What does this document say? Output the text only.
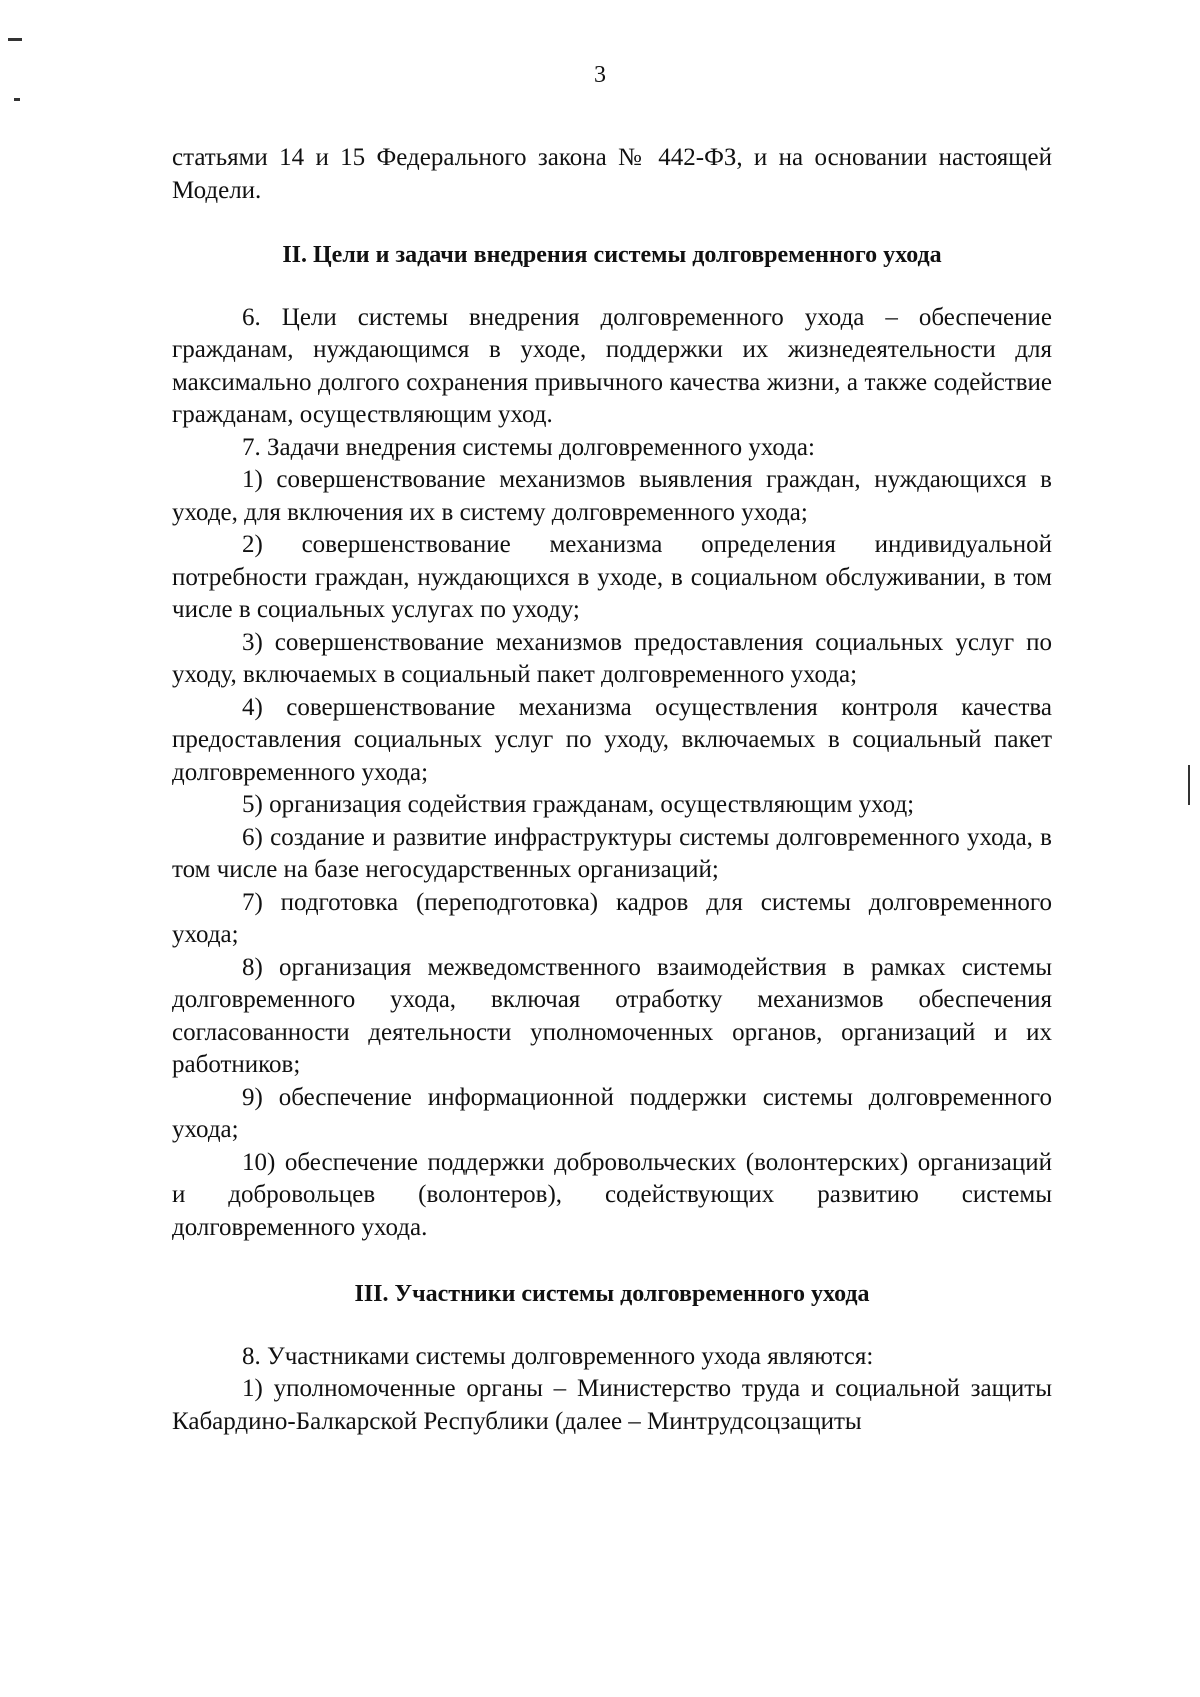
3

статьями 14 и 15 Федерального закона № 442-ФЗ, и на основании настоящей Модели.

II. Цели и задачи внедрения системы долговременного ухода

6. Цели системы внедрения долговременного ухода – обеспечение гражданам, нуждающимся в уходе, поддержки их жизнедеятельности для максимально долгого сохранения привычного качества жизни, а также содействие гражданам, осуществляющим уход.

7. Задачи внедрения системы долговременного ухода:

1) совершенствование механизмов выявления граждан, нуждающихся в уходе, для включения их в систему долговременного ухода;

2) совершенствование механизма определения индивидуальной потребности граждан, нуждающихся в уходе, в социальном обслуживании, в том числе в социальных услугах по уходу;

3) совершенствование механизмов предоставления социальных услуг по уходу, включаемых в социальный пакет долговременного ухода;

4) совершенствование механизма осуществления контроля качества предоставления социальных услуг по уходу, включаемых в социальный пакет долговременного ухода;

5) организация содействия гражданам, осуществляющим уход;

6) создание и развитие инфраструктуры системы долговременного ухода, в том числе на базе негосударственных организаций;

7) подготовка (переподготовка) кадров для системы долговременного ухода;

8) организация межведомственного взаимодействия в рамках системы долговременного ухода, включая отработку механизмов обеспечения согласованности деятельности уполномоченных органов, организаций и их работников;

9) обеспечение информационной поддержки системы долговременного ухода;

10) обеспечение поддержки добровольческих (волонтерских) организаций и добровольцев (волонтеров), содействующих развитию системы долговременного ухода.

III. Участники системы долговременного ухода

8. Участниками системы долговременного ухода являются:

1) уполномоченные органы – Министерство труда и социальной защиты Кабардино-Балкарской Республики (далее – Минтрудсоцзащиты
